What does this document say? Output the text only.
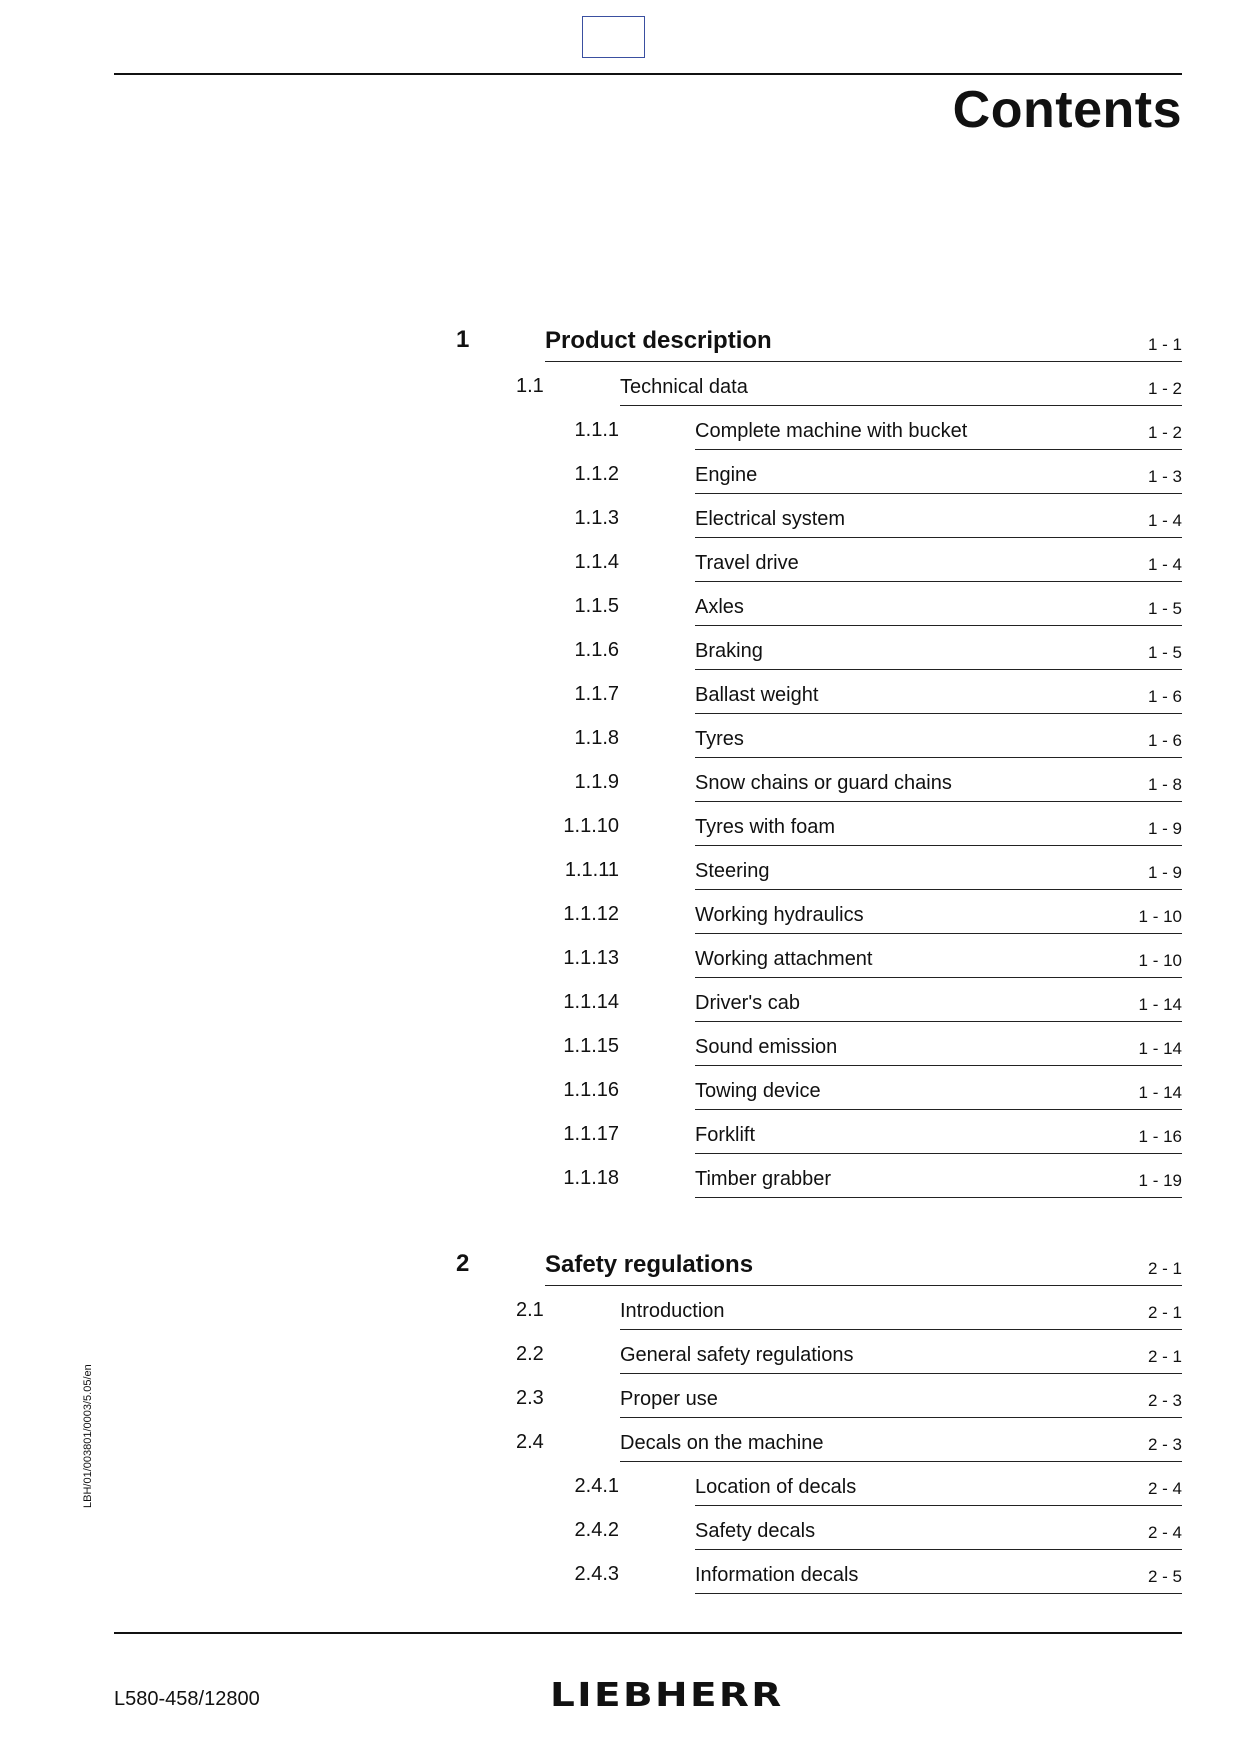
Contents
1	Product description	1 - 1
1.1	Technical data	1 - 2
1.1.1	Complete machine with bucket	1 - 2
1.1.2	Engine	1 - 3
1.1.3	Electrical system	1 - 4
1.1.4	Travel drive	1 - 4
1.1.5	Axles	1 - 5
1.1.6	Braking	1 - 5
1.1.7	Ballast weight	1 - 6
1.1.8	Tyres	1 - 6
1.1.9	Snow chains or guard chains	1 - 8
1.1.10	Tyres with foam	1 - 9
1.1.11	Steering	1 - 9
1.1.12	Working hydraulics	1 - 10
1.1.13	Working attachment	1 - 10
1.1.14	Driver's cab	1 - 14
1.1.15	Sound emission	1 - 14
1.1.16	Towing device	1 - 14
1.1.17	Forklift	1 - 16
1.1.18	Timber grabber	1 - 19
2	Safety regulations	2 - 1
2.1	Introduction	2 - 1
2.2	General safety regulations	2 - 1
2.3	Proper use	2 - 3
2.4	Decals on the machine	2 - 3
2.4.1	Location of decals	2 - 4
2.4.2	Safety decals	2 - 4
2.4.3	Information decals	2 - 5
LBH/01/003801/0003/5.05/en
L580-458/12800	LIEBHERR
